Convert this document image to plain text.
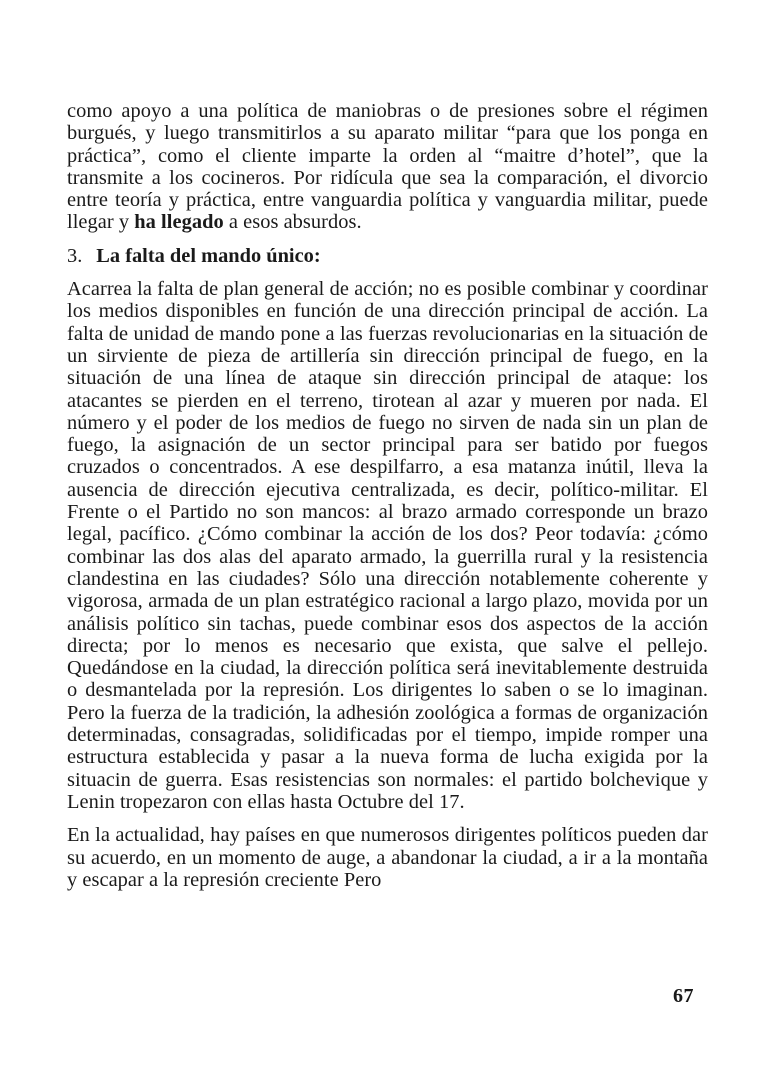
como apoyo a una política de maniobras o de presiones sobre el régimen burgués, y luego transmitirlos a su aparato militar “para que los ponga en práctica”, como el cliente imparte la orden al “maitre d’hotel”, que la transmite a los cocineros. Por ridícula que sea la comparación, el divorcio entre teoría y práctica, entre vanguardia política y vanguardia militar, puede llegar y ha llegado a esos absurdos.

3. La falta del mando único:

Acarrea la falta de plan general de acción; no es posible combinar y coordinar los medios disponibles en función de una dirección principal de acción. La falta de unidad de mando pone a las fuerzas revolucionarias en la situación de un sirviente de pieza de artillería sin dirección principal de fuego, en la situación de una línea de ataque sin dirección principal de ataque: los atacantes se pierden en el terreno, tirotean al azar y mueren por nada. El número y el poder de los medios de fuego no sirven de nada sin un plan de fuego, la asignación de un sector principal para ser batido por fuegos cruzados o concentrados. A ese despilfarro, a esa matanza inútil, lleva la ausencia de dirección ejecutiva centralizada, es decir, político-militar. El Frente o el Partido no son mancos: al brazo armado corresponde un brazo legal, pacífico. ¿Cómo combinar la acción de los dos? Peor todavía: ¿cómo combinar las dos alas del aparato armado, la guerrilla rural y la resistencia clandestina en las ciudades? Sólo una dirección notablemente coherente y vigorosa, armada de un plan estratégico racional a largo plazo, movida por un análisis político sin tachas, puede combinar esos dos aspectos de la acción directa; por lo menos es necesario que exista, que salve el pellejo. Quedándose en la ciudad, la dirección política será inevitablemente destruida o desmantelada por la represión. Los dirigentes lo saben o se lo imaginan. Pero la fuerza de la tradición, la adhesión zoológica a formas de organización determinadas, consagradas, solidificadas por el tiempo, impide romper una estructura establecida y pasar a la nueva forma de lucha exigida por la situacin de guerra. Esas resistencias son normales: el partido bolchevique y Lenin tropezaron con ellas hasta Octubre del 17.

En la actualidad, hay países en que numerosos dirigentes políticos pueden dar su acuerdo, en un momento de auge, a abandonar la ciudad, a ir a la montaña y escapar a la represión creciente Pero

67
